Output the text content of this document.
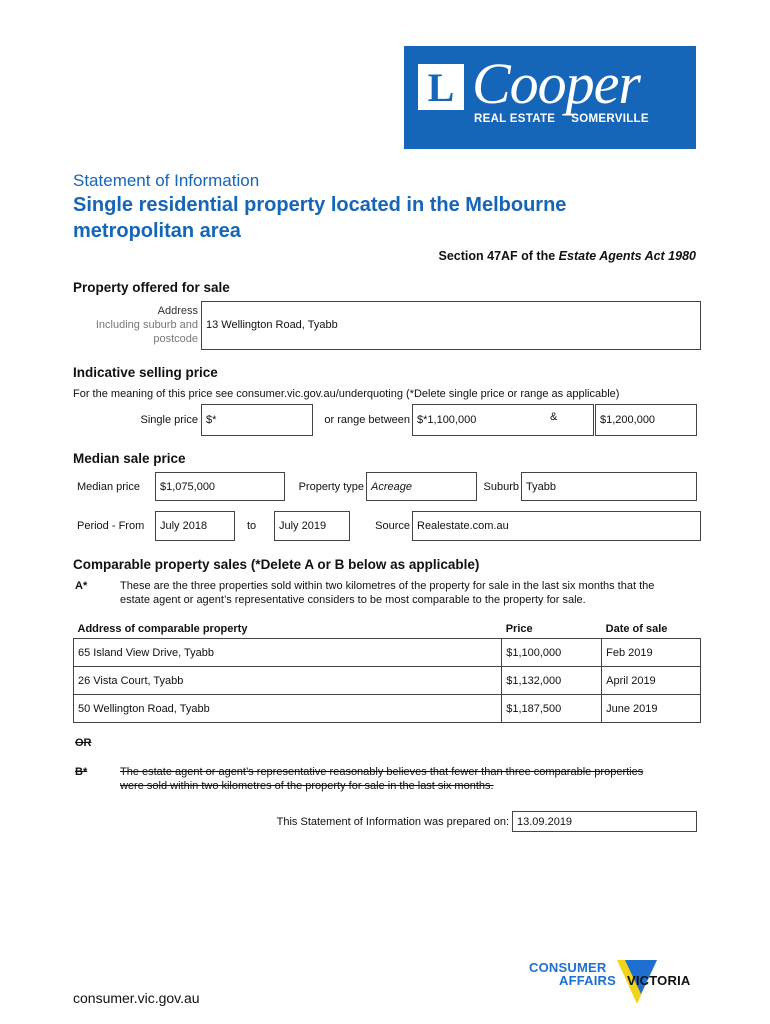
L Cooper
REAL ESTATE SOMERVILLE
Statement of Information
Single residential property located in the Melbourne metropolitan area
Section 47AF of the Estate Agents Act 1980
Property offered for sale
Address
Including suburb and
postcode
13 Wellington Road, Tyabb
Indicative selling price
For the meaning of this price see consumer.vic.gov.au/underquoting (*Delete single price or range as applicable)
Single price $*	or range between $*1,100,000	&	$1,200,000
Median sale price
Median price	$1,075,000	Property type Acreage	Suburb Tyabb
Period - From	July 2018	to	July 2019	Source Realestate.com.au
Comparable property sales (*Delete A or B below as applicable)
A*	These are the three properties sold within two kilometres of the property for sale in the last six months that the
estate agent or agent’s representative considers to be most comparable to the property for sale.
Address of comparable property	Price	Date of sale
65 Island View Drive, Tyabb	$1,100,000	Feb 2019
26 Vista Court, Tyabb	$1,132,000	April 2019
50 Wellington Road, Tyabb	$1,187,500	June 2019
OR
B*	The estate agent or agent’s representative reasonably believes that fewer than three comparable properties
were sold within two kilometres of the property for sale in the last six months.
This Statement of Information was prepared on: 13.09.2019
CONSUMER
AFFAIRS VICTORIA
consumer.vic.gov.au
